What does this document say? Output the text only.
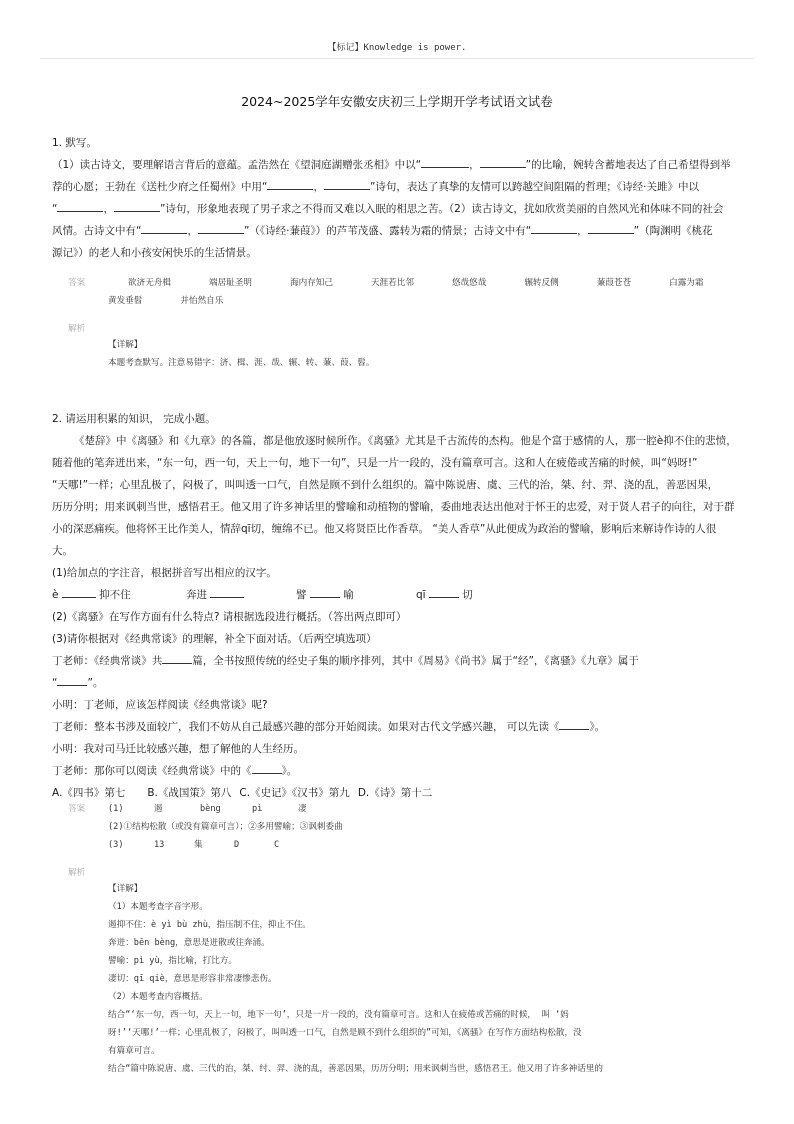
【标记】Knowledge is power.
2024~2025学年安徽安庆初三上学期开学考试语文试卷
1. 默写。
（1）读古诗文，要理解语言背后的意蕴。孟浩然在《望洞庭湖赠张丞相》中以“	，	”的比喻，婉转含蓄地表达了自己希望得到举
荐的心愿；王勃在《送杜少府之任蜀州》中用“	，	”诗句，表达了真挚的友情可以跨越空间阻隔的哲理；《诗经·关雎》中以
“	，	”诗句，形象地表现了男子求之不得而又难以入眠的相思之苦。（2）读古诗文，扰如欣赏美丽的自然风光和体味不同的社会
风情。古诗文中有“	，	”（《诗经·蒹葭》）的芦苇茂盛、露转为霜的情景；古诗文中有“	，	”（陶渊明《桃花
源记》）的老人和小孩安闲快乐的生活情景。
答案	欲济无舟楫	端居耻圣明	海内存知己	天涯若比邻	悠哉悠哉	辗转反侧	蒹葭苍苍	白露为霜
黄发垂髫	并怡然自乐
解析

【详解】

本题考查默写。注意易错字：济、楫、涯、哉、辗、转、蒹、葭、髫。

2. 请运用积累的知识， 完成小题。
《楚辞》中《离骚》和《九章》的各篇，都是他放逐时候所作。《离骚》尤其是千古流传的杰构。他是个富于感情的人，那一腔è抑不住的悲愤，
随着他的笔奔迸出来，“东一句，西一句，天上一句，地下一句”，只是一片一段的，没有篇章可言。这和人在疲倦或苦痛的时候，叫“妈呀!”
“天哪!”一样；心里乱极了，闷极了，叫叫透一口气，自然是顾不到什么组织的。篇中陈说唐、虞、三代的治，桀、纣、羿、浇的乱，善恶因果，
历历分明；用来讽刺当世，感悟君王。他又用了许多神话里的譬喻和动植物的譬喻，委曲地表达出他对于怀王的忠爱，对于贤人君子的向往，对于群
小的深恶痛疾。他将怀王比作美人，情辞qī切，缠绵不已。他又将贤臣比作香草。 “美人香草”从此便成为政治的譬喻，影响后来解诗作诗的人很
大。
(1)给加点的字注音，根据拼音写出相应的汉字。
è	抑不住	奔进	譬	喻	qī	切
(2)《离骚》在写作方面有什么特点? 请根据选段进行概括。（答出两点即可）
(3)请你根据对《经典常谈》的理解，补全下面对话。（后两空填选项）
丁老师：《经典常谈》共	篇，全书按照传统的经史子集的顺序排列，其中《周易》《尚书》属于“经”，《离骚》《九章》属于
“	”。
小明：丁老师，应该怎样阅读《经典常谈》呢?
丁老师：整本书涉及面较广，我们不妨从自己最感兴趣的部分开始阅读。如果对古代文学感兴趣， 可以先读《	》。
小明：我对司马迁比较感兴趣，想了解他的人生经历。
丁老师：那你可以阅读《经典常谈》中的《	》。
A.《四书》第七 B.《战国策》第八 C.《史记》《汉书》第九 D.《诗》第十二
答案	(1)	遏	bèng	pì	凄

(2)①结构松散（或没有篇章可言）；②多用譬喻；③讽刺委曲

(3)	13	集	D	C

解析

【详解】

（1）本题考查字音字形。

遏抑不住：è yì bù zhù，指压制不住，抑止不住。

奔迸：bēn bèng，意思是迸散或往奔涌。

譬喻：pì yù，指比喻，打比方。

凄切：qī qiè，意思是形容非常凄惨悲伤。

（2）本题考查内容概括。

结合“‘东一句，西一句，天上一句，地下一句’，只是一片一段的，没有篇章可言。这和人在疲倦或苦痛的时候， 叫 ‘妈

呀!’‘天哪!’一样；心里乱极了，闷极了，叫叫透一口气，自然是顾不到什么组织的”可知，《离骚》在写作方面结构松散，没

有篇章可言。

结合“篇中陈说唐、虞、三代的治，桀、纣、羿、浇的乱，善恶因果，历历分明；用来讽刺当世，感悟君王。他又用了许多神话里的
